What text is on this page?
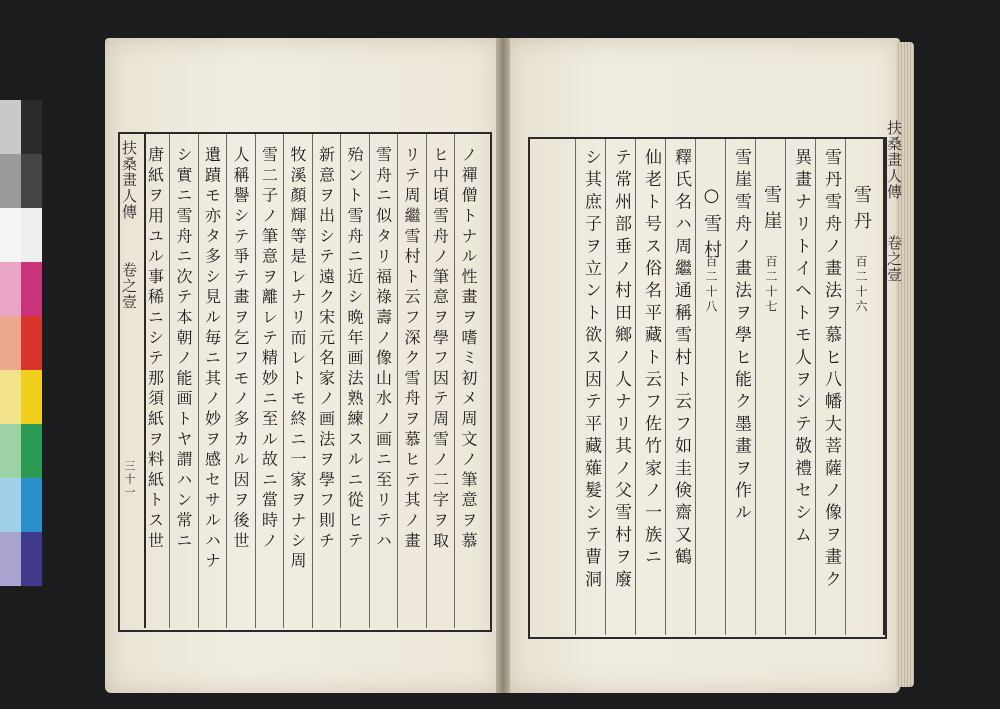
扶桑畫人傳
卷之壹
三十一	ノ禪僧トナル性畫ヲ嗜ミ初メ周文ノ筆意ヲ慕
ヒ中頃雪舟ノ筆意ヲ學フ因テ周雪ノ二字ヲ取
リテ周繼雪村ト云フ深ク雪舟ヲ慕ヒテ其ノ畫
雪舟ニ似タリ福祿壽ノ像山水ノ画ニ至リテハ
殆ント雪舟ニ近シ晩年画法熟練スルニ從ヒテ
新意ヲ出シテ遠ク宋元名家ノ画法ヲ學フ則チ
牧溪顏輝等是レナリ而レトモ終ニ一家ヲナシ周
雪二子ノ筆意ヲ離レテ精妙ニ至ル故ニ當時ノ
人稱譽シテ爭テ畫ヲ乞フモノ多カル因ヲ後世
遺蹟モ亦タ多シ見ル毎ニ其ノ妙ヲ感セサルハナ
シ實ニ雪舟ニ次テ本朝ノ能画トヤ謂ハン常ニ
唐紙ヲ用ユル事稀ニシテ那須紙ヲ料紙トス世	扶桑畫人傳
卷之壹
雪丹
百二十六
雪丹雪舟ノ畫法ヲ慕ヒ八幡大菩薩ノ像ヲ畫ク
異畫ナリトイヘトモ人ヲシテ敬禮セシム
雪崖
百二十七
雪崖雪舟ノ畫法ヲ學ヒ能ク墨畫ヲ作ル
○雪村
百二十八
釋氏名ハ周繼通稱雪村ト云フ如圭倹齋又鶴
仙老ト号ス俗名平藏ト云フ佐竹家ノ一族ニ
テ常州部垂ノ村田鄉ノ人ナリ其ノ父雪村ヲ廢
シ其庶子ヲ立ント欲ス因テ平藏薙髮シテ曹洞
